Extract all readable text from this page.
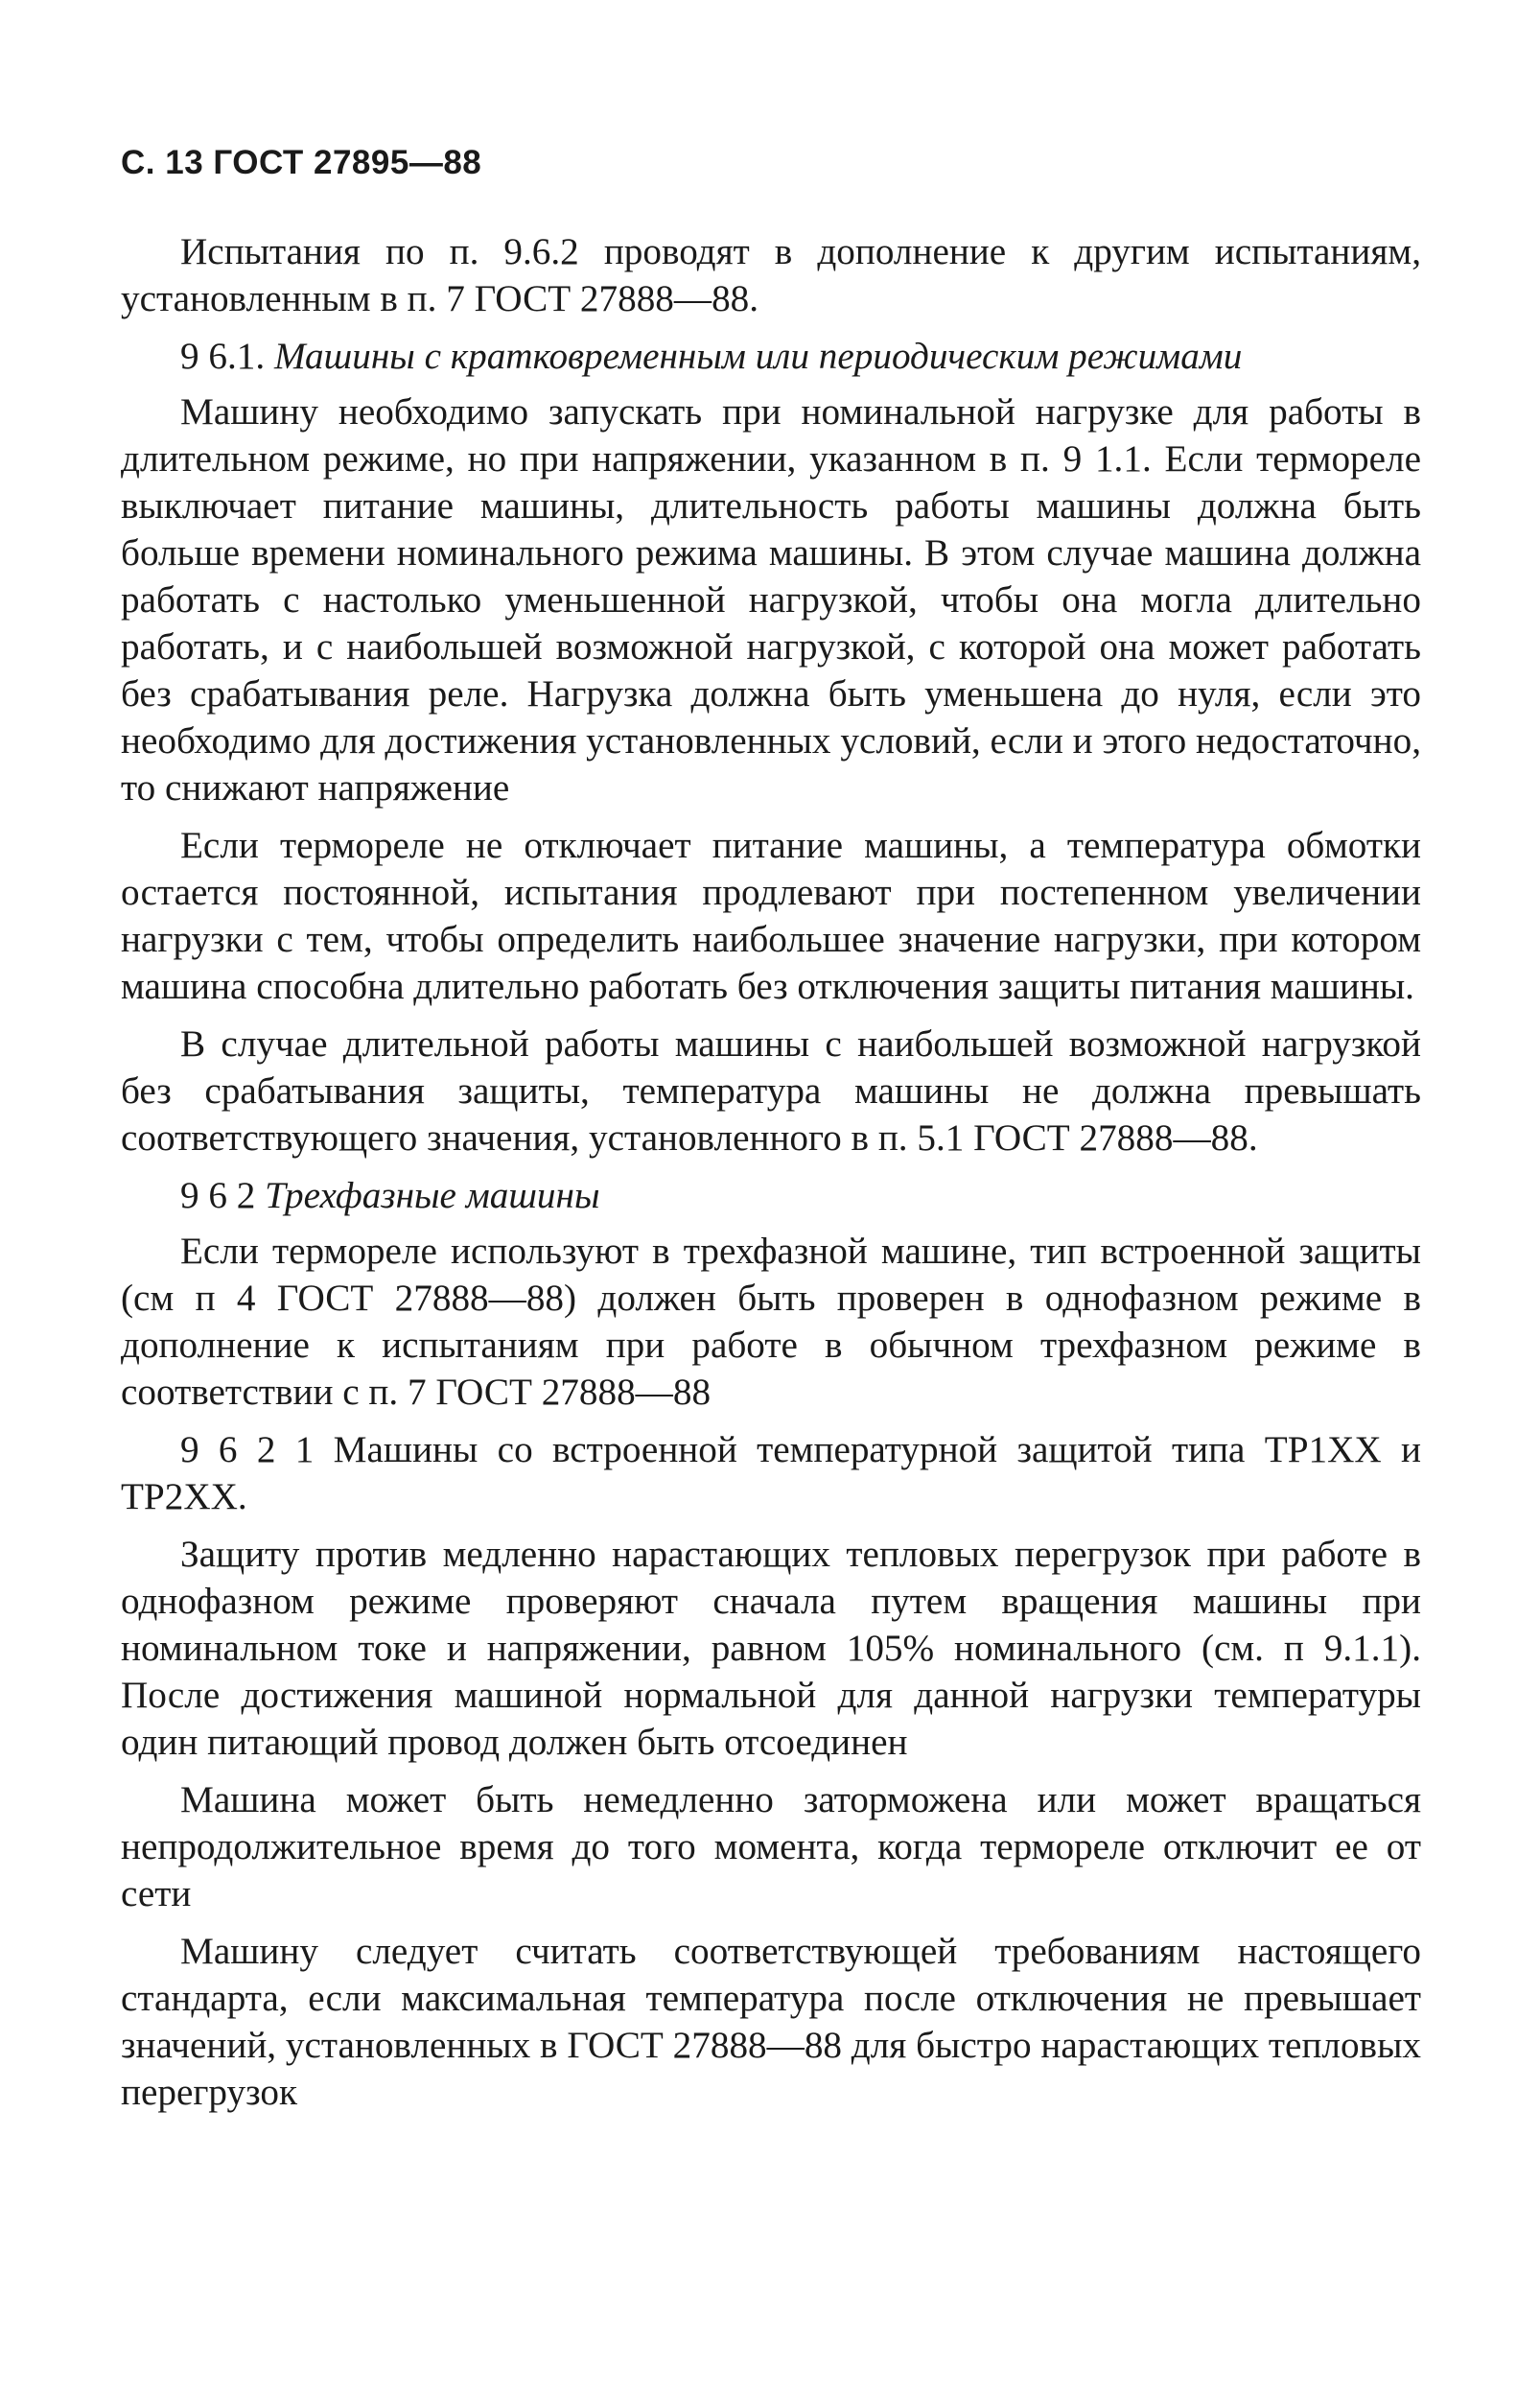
С. 13 ГОСТ 27895—88

Испытания по п. 9.6.2 проводят в дополнение к другим испытаниям, установленным в п. 7 ГОСТ 27888—88.

9 6.1. Машины с кратковременным или периодическим режимами

Машину необходимо запускать при номинальной нагрузке для работы в длительном режиме, но при напряжении, указанном в п. 9 1.1. Если термореле выключает питание машины, длительность работы машины должна быть больше времени номинального режима машины. В этом случае машина должна работать с настолько уменьшенной нагрузкой, чтобы она могла длительно работать, и с наибольшей возможной нагрузкой, с которой она может работать без срабатывания реле. Нагрузка должна быть уменьшена до нуля, если это необходимо для достижения установленных условий, если и этого недостаточно, то снижают напряжение

Если термореле не отключает питание машины, а температура обмотки остается постоянной, испытания продлевают при постепенном увеличении нагрузки с тем, чтобы определить наибольшее значение нагрузки, при котором машина способна длительно работать без отключения защиты питания машины.

В случае длительной работы машины с наибольшей возможной нагрузкой без срабатывания защиты, температура машины не должна превышать соответствующего значения, установленного в п. 5.1 ГОСТ 27888—88.

9 6 2 Трехфазные машины

Если термореле используют в трехфазной машине, тип встроенной защиты (см п 4 ГОСТ 27888—88) должен быть проверен в однофазном режиме в дополнение к испытаниям при работе в обычном трехфазном режиме в соответствии с п. 7 ГОСТ 27888—88

9 6 2 1 Машины со встроенной температурной защитой типа ТР1ХХ и ТР2ХХ.

Защиту против медленно нарастающих тепловых перегрузок при работе в однофазном режиме проверяют сначала путем вращения машины при номинальном токе и напряжении, равном 105% номинального (см. п 9.1.1). После достижения машиной нормальной для данной нагрузки температуры один питающий провод должен быть отсоединен

Машина может быть немедленно заторможена или может вращаться непродолжительное время до того момента, когда термореле отключит ее от сети

Машину следует считать соответствующей требованиям настоящего стандарта, если максимальная температура после отключения не превышает значений, установленных в ГОСТ 27888—88 для быстро нарастающих тепловых перегрузок
